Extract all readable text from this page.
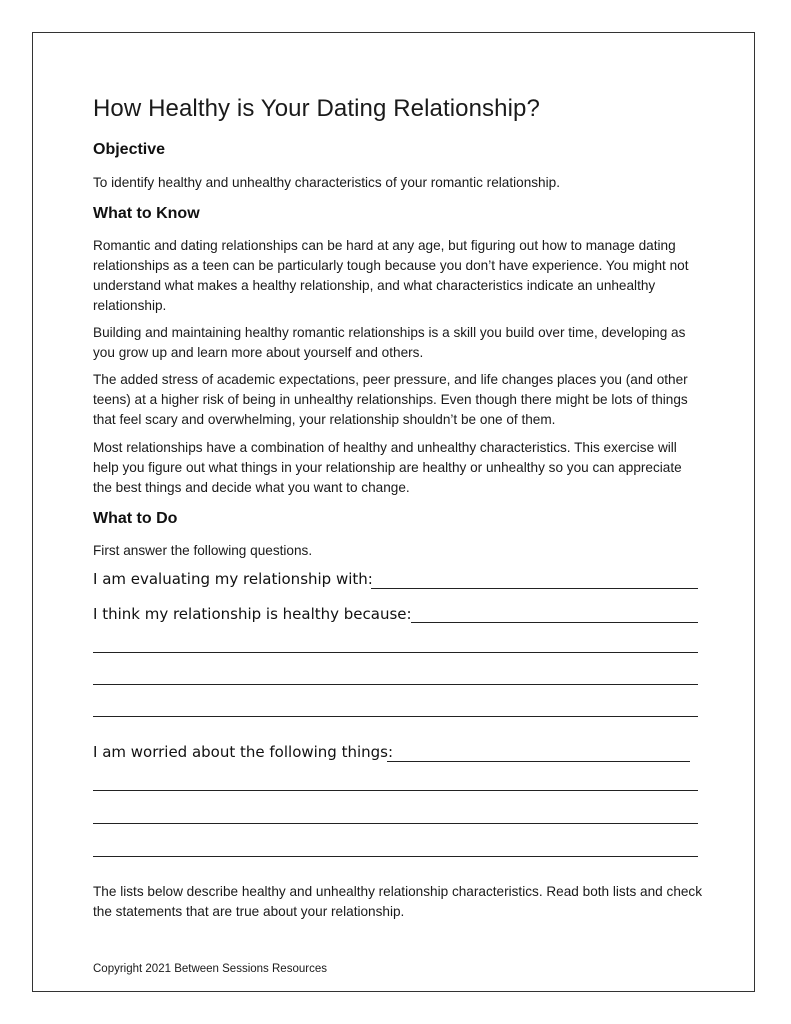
How Healthy is Your Dating Relationship?
Objective

To identify healthy and unhealthy characteristics of your romantic relationship.

What to Know

Romantic and dating relationships can be hard at any age, but figuring out how to manage dating relationships as a teen can be particularly tough because you don’t have experience. You might not understand what makes a healthy relationship, and what characteristics indicate an unhealthy relationship.

Building and maintaining healthy romantic relationships is a skill you build over time, developing as you grow up and learn more about yourself and others.

The added stress of academic expectations, peer pressure, and life changes places you (and other teens) at a higher risk of being in unhealthy relationships. Even though there might be lots of things that feel scary and overwhelming, your relationship shouldn’t be one of them.

Most relationships have a combination of healthy and unhealthy characteristics. This exercise will help you figure out what things in your relationship are healthy or unhealthy so you can appreciate the best things and decide what you want to change.

What to Do

First answer the following questions.

I am evaluating my relationship with:
I think my relationship is healthy because:
I am worried about the following things:

The lists below describe healthy and unhealthy relationship characteristics. Read both lists and check the statements that are true about your relationship.

Copyright 2021 Between Sessions Resources
